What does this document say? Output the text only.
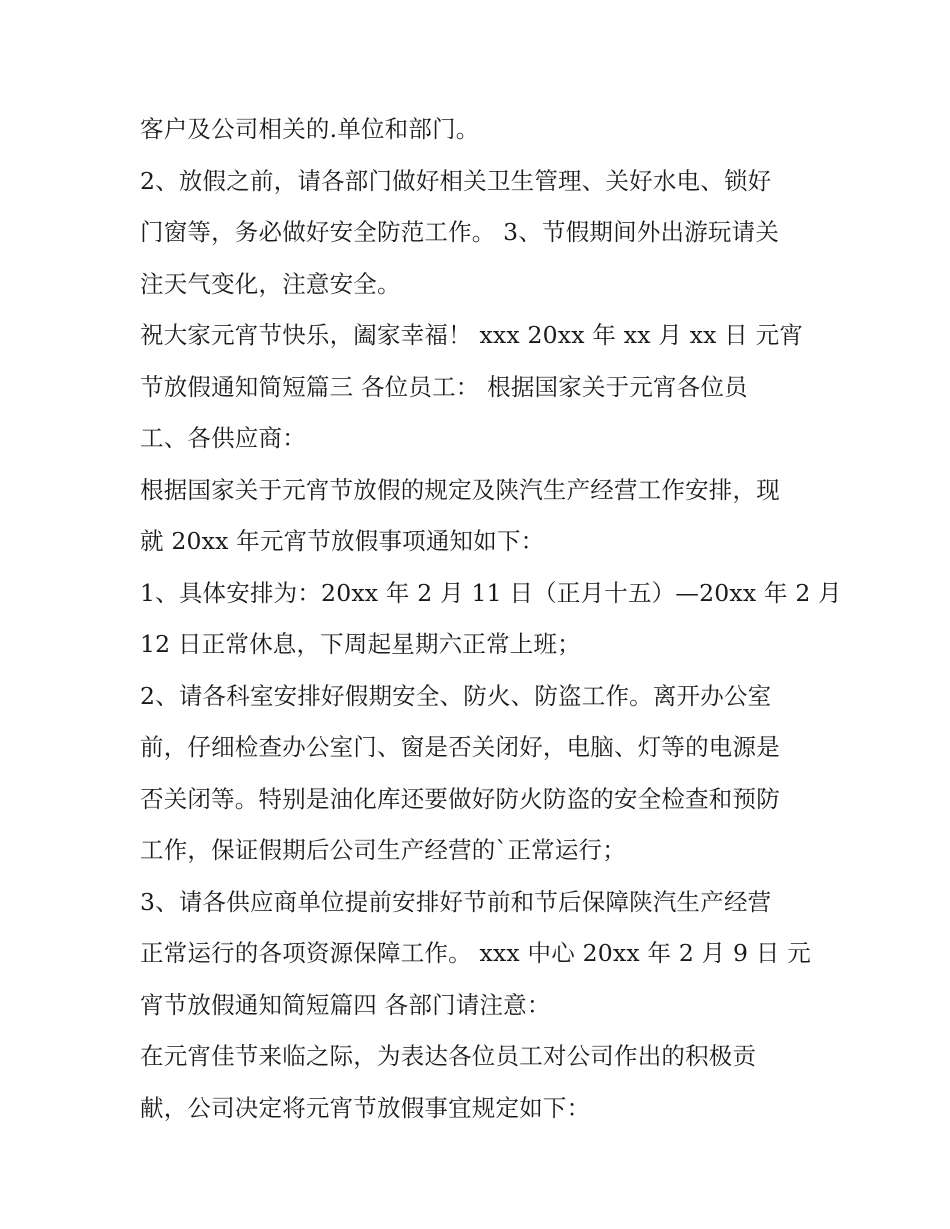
客户及公司相关的.单位和部门。
2、放假之前，请各部门做好相关卫生管理、关好水电、锁好
门窗等，务必做好安全防范工作。 3、节假期间外出游玩请关
注天气变化，注意安全。
祝大家元宵节快乐，阖家幸福！ xxx 20xx 年 xx 月 xx 日 元宵
节放假通知简短篇三 各位员工： 根据国家关于元宵各位员
工、各供应商：
根据国家关于元宵节放假的规定及陕汽生产经营工作安排，现
就 20xx 年元宵节放假事项通知如下：
1、具体安排为：20xx 年 2 月 11 日（正月十五）—20xx 年 2 月
12 日正常休息，下周起星期六正常上班；
2、请各科室安排好假期安全、防火、防盗工作。离开办公室
前，仔细检查办公室门、窗是否关闭好，电脑、灯等的电源是
否关闭等。特别是油化库还要做好防火防盗的安全检查和预防
工作，保证假期后公司生产经营的`正常运行；
3、请各供应商单位提前安排好节前和节后保障陕汽生产经营
正常运行的各项资源保障工作。 xxx 中心 20xx 年 2 月 9 日 元
宵节放假通知简短篇四 各部门请注意：
在元宵佳节来临之际，为表达各位员工对公司作出的积极贡
献，公司决定将元宵节放假事宜规定如下：
